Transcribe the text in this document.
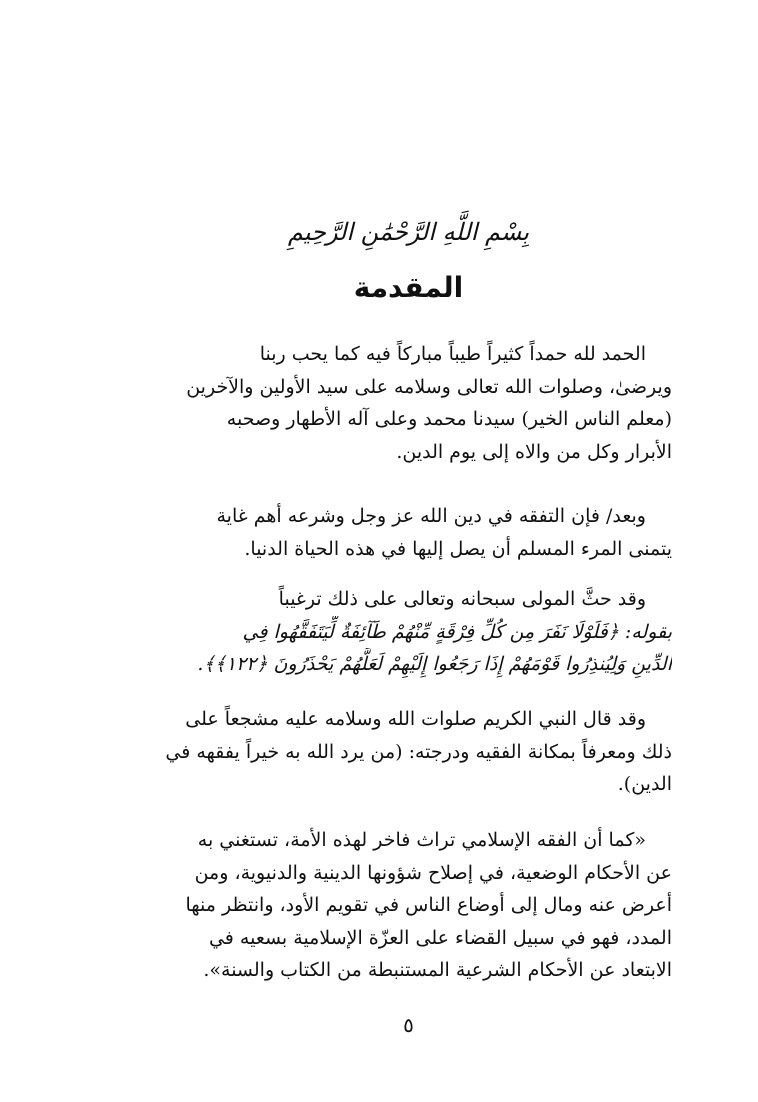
بِسْمِ اللَّهِ الرَّحْمَٰنِ الرَّحِيمِ
المقدمة

الحمد لله حمداً كثيراً طيباً مباركاً فيه كما يحب ربنا
ويرضىٰ، وصلوات الله تعالى وسلامه على سيد الأولين والآخرين
(معلم الناس الخير) سيدنا محمد وعلى آله الأطهار وصحبه
الأبرار وكل من والاه إلى يوم الدين.

وبعد/ فإن التفقه في دين الله عز وجل وشرعه أهم غاية
يتمنى المرء المسلم أن يصل إليها في هذه الحياة الدنيا.

وقد حثَّ المولى سبحانه وتعالى على ذلك ترغيباً
بقوله: ﴿فَلَوْلَا نَفَرَ مِن كُلِّ فِرْقَةٍ مِّنْهُمْ طَآئِفَةٌ لِّيَتَفَقَّهُوا فِي
الدِّينِ وَلِيُنذِرُوا قَوْمَهُمْ إِذَا رَجَعُوا إِلَيْهِمْ لَعَلَّهُمْ يَحْذَرُونَ ﴿١٢٢﴾﴾.

وقد قال النبي الكريم صلوات الله وسلامه عليه مشجعاً على
ذلك ومعرفاً بمكانة الفقيه ودرجته: (من يرد الله به خيراً يفقهه في
الدين).

«كما أن الفقه الإسلامي تراث فاخر لهذه الأمة، تستغني به
عن الأحكام الوضعية، في إصلاح شؤونها الدينية والدنيوية، ومن
أعرض عنه ومال إلى أوضاع الناس في تقويم الأود، وانتظر منها
المدد، فهو في سبيل القضاء على العزّة الإسلامية بسعيه في
الابتعاد عن الأحكام الشرعية المستنبطة من الكتاب والسنة».

٥
